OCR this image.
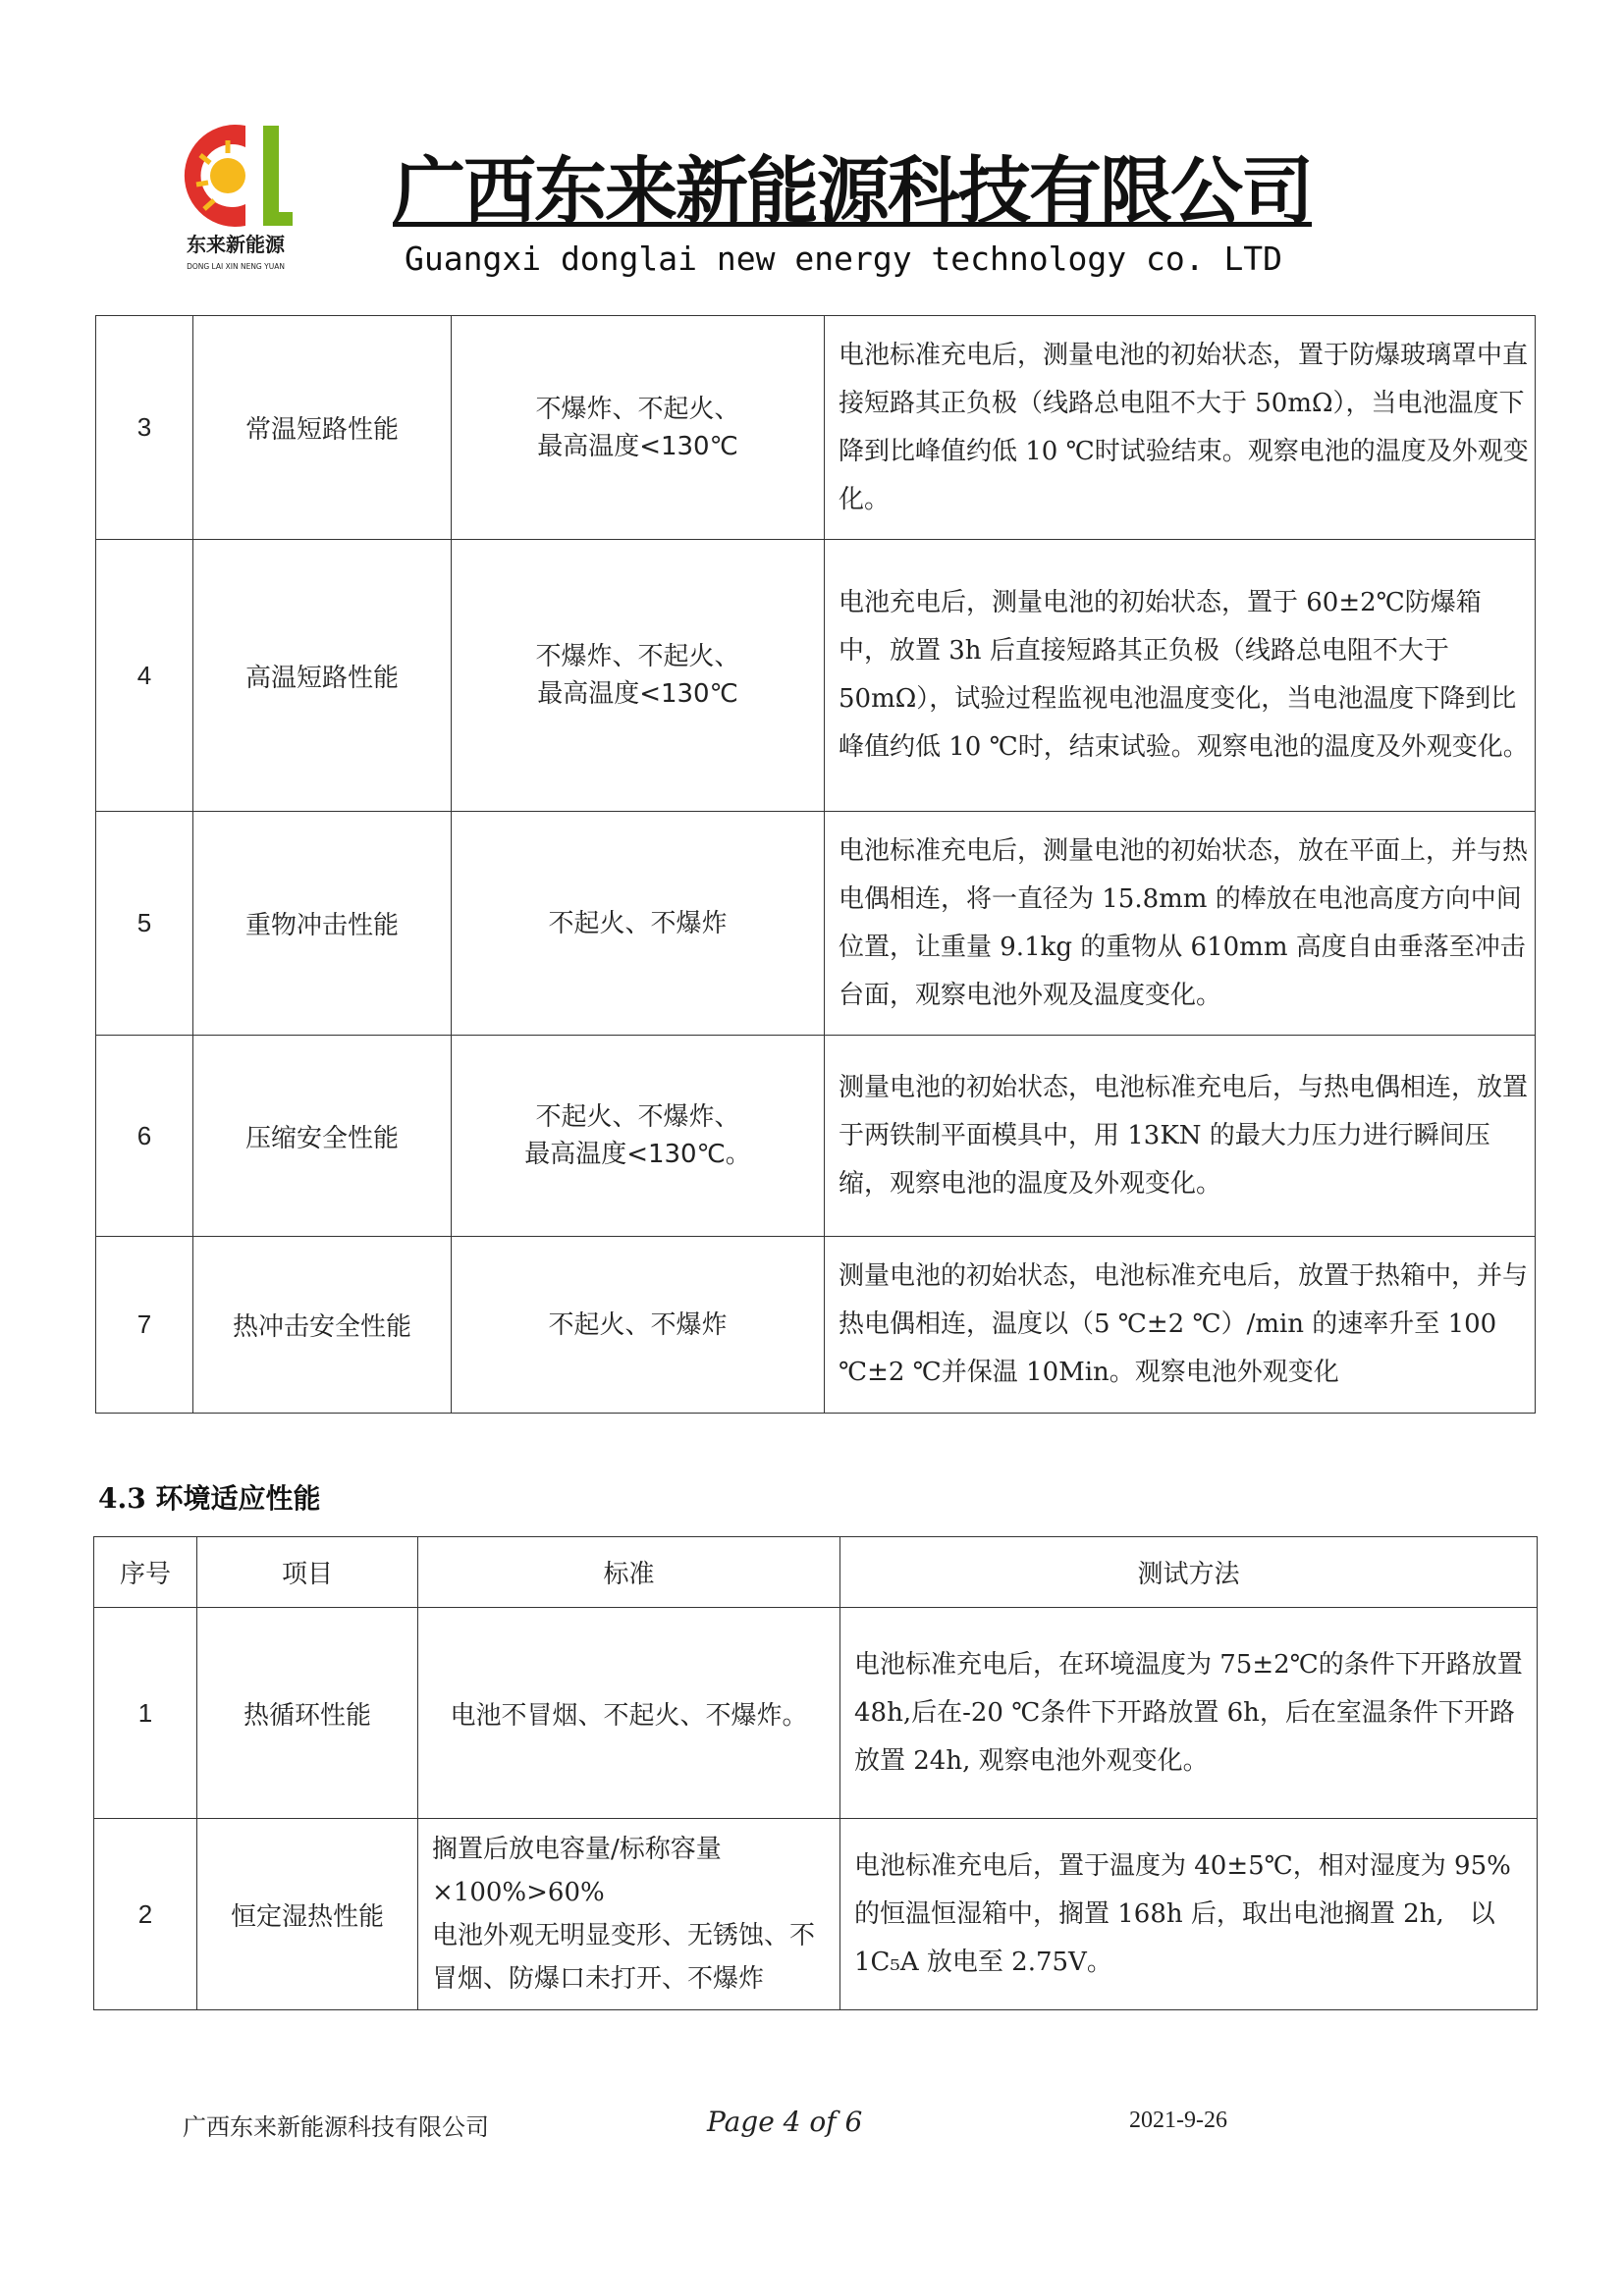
东来新能源
DONG LAI XIN NENG YUAN
广西东来新能源科技有限公司
Guangxi donglai new energy technology co. LTD
3	常温短路性能	不爆炸、不起火、
最高温度<130℃	电池标准充电后，测量电池的初始状态，置于防爆玻璃罩中直接短路其正负极（线路总电阻不大于 50mΩ），当电池温度下降到比峰值约低 10 ℃时试验结束。观察电池的温度及外观变化。
4	高温短路性能	不爆炸、不起火、
最高温度<130℃	电池充电后，测量电池的初始状态，置于 60±2℃防爆箱中，放置 3h 后直接短路其正负极（线路总电阻不大于 50mΩ），试验过程监视电池温度变化，当电池温度下降到比峰值约低 10 ℃时，结束试验。观察电池的温度及外观变化。
5	重物冲击性能	不起火、不爆炸	电池标准充电后，测量电池的初始状态，放在平面上，并与热电偶相连，将一直径为 15.8mm 的棒放在电池高度方向中间位置，让重量 9.1kg 的重物从 610mm 高度自由垂落至冲击台面，观察电池外观及温度变化。
6	压缩安全性能	不起火、不爆炸、
最高温度<130℃。	测量电池的初始状态，电池标准充电后，与热电偶相连，放置于两铁制平面模具中，用 13KN 的最大力压力进行瞬间压缩，观察电池的温度及外观变化。
7	热冲击安全性能	不起火、不爆炸	测量电池的初始状态，电池标准充电后，放置于热箱中，并与热电偶相连，温度以（5 ℃±2 ℃）/min 的速率升至 100 ℃±2 ℃并保温 10Min。观察电池外观变化
4.3 环境适应性能
序号	项目	标准	测试方法
1	热循环性能	电池不冒烟、不起火、不爆炸。	电池标准充电后，在环境温度为 75±2℃的条件下开路放置 48h,后在-20 ℃条件下开路放置 6h，后在室温条件下开路放置 24h, 观察电池外观变化。
2	恒定湿热性能	搁置后放电容量/标称容量×100%>60%
电池外观无明显变形、无锈蚀、不冒烟、防爆口未打开、不爆炸	电池标准充电后，置于温度为 40±5℃，相对湿度为 95%的恒温恒湿箱中，搁置 168h 后，取出电池搁置 2h,　以 1C₅A 放电至 2.75V。
广西东来新能源科技有限公司	Page 4 of 6	2021-9-26
